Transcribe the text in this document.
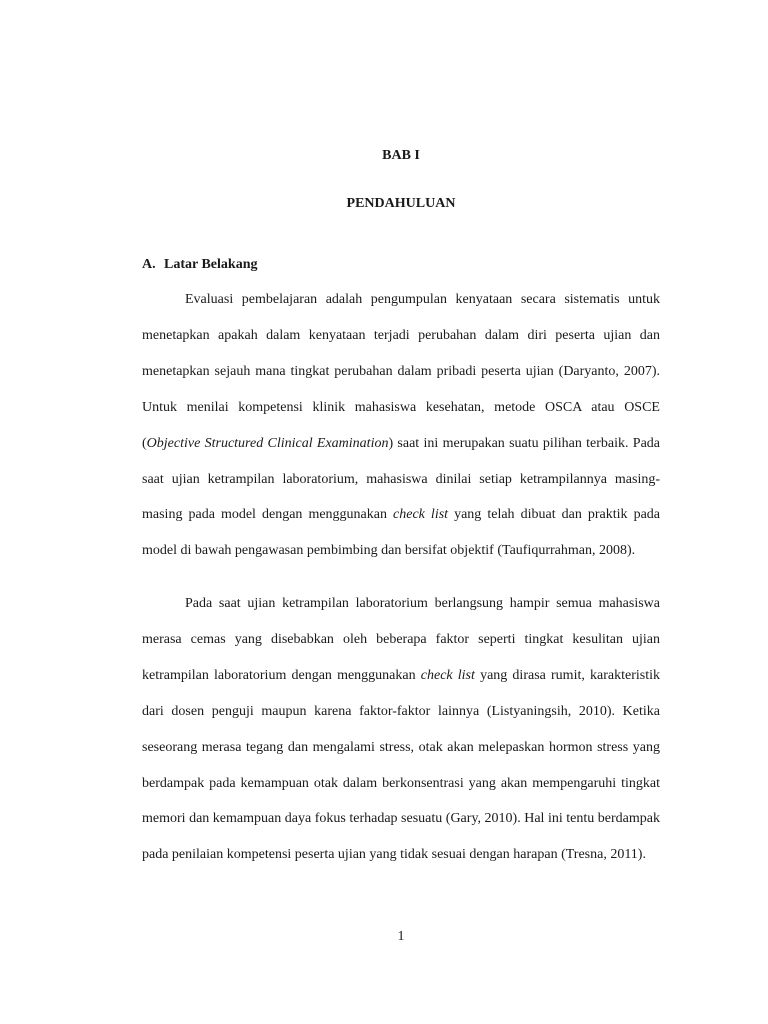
BAB I
PENDAHULUAN
A. Latar Belakang

Evaluasi pembelajaran adalah pengumpulan kenyataan secara sistematis untuk menetapkan apakah dalam kenyataan terjadi perubahan dalam diri peserta ujian dan menetapkan sejauh mana tingkat perubahan dalam pribadi peserta ujian (Daryanto, 2007). Untuk menilai kompetensi klinik mahasiswa kesehatan, metode OSCA atau OSCE (Objective Structured Clinical Examination) saat ini merupakan suatu pilihan terbaik. Pada saat ujian ketrampilan laboratorium, mahasiswa dinilai setiap ketrampilannya masing-masing pada model dengan menggunakan check list yang telah dibuat dan praktik pada model di bawah pengawasan pembimbing dan bersifat objektif (Taufiqurrahman, 2008).

Pada saat ujian ketrampilan laboratorium berlangsung hampir semua mahasiswa merasa cemas yang disebabkan oleh beberapa faktor seperti tingkat kesulitan ujian ketrampilan laboratorium dengan menggunakan check list yang dirasa rumit, karakteristik dari dosen penguji maupun karena faktor-faktor lainnya (Listyaningsih, 2010). Ketika seseorang merasa tegang dan mengalami stress, otak akan melepaskan hormon stress yang berdampak pada kemampuan otak dalam berkonsentrasi yang akan mempengaruhi tingkat memori dan kemampuan daya fokus terhadap sesuatu (Gary, 2010). Hal ini tentu berdampak pada penilaian kompetensi peserta ujian yang tidak sesuai dengan harapan (Tresna, 2011).

1
